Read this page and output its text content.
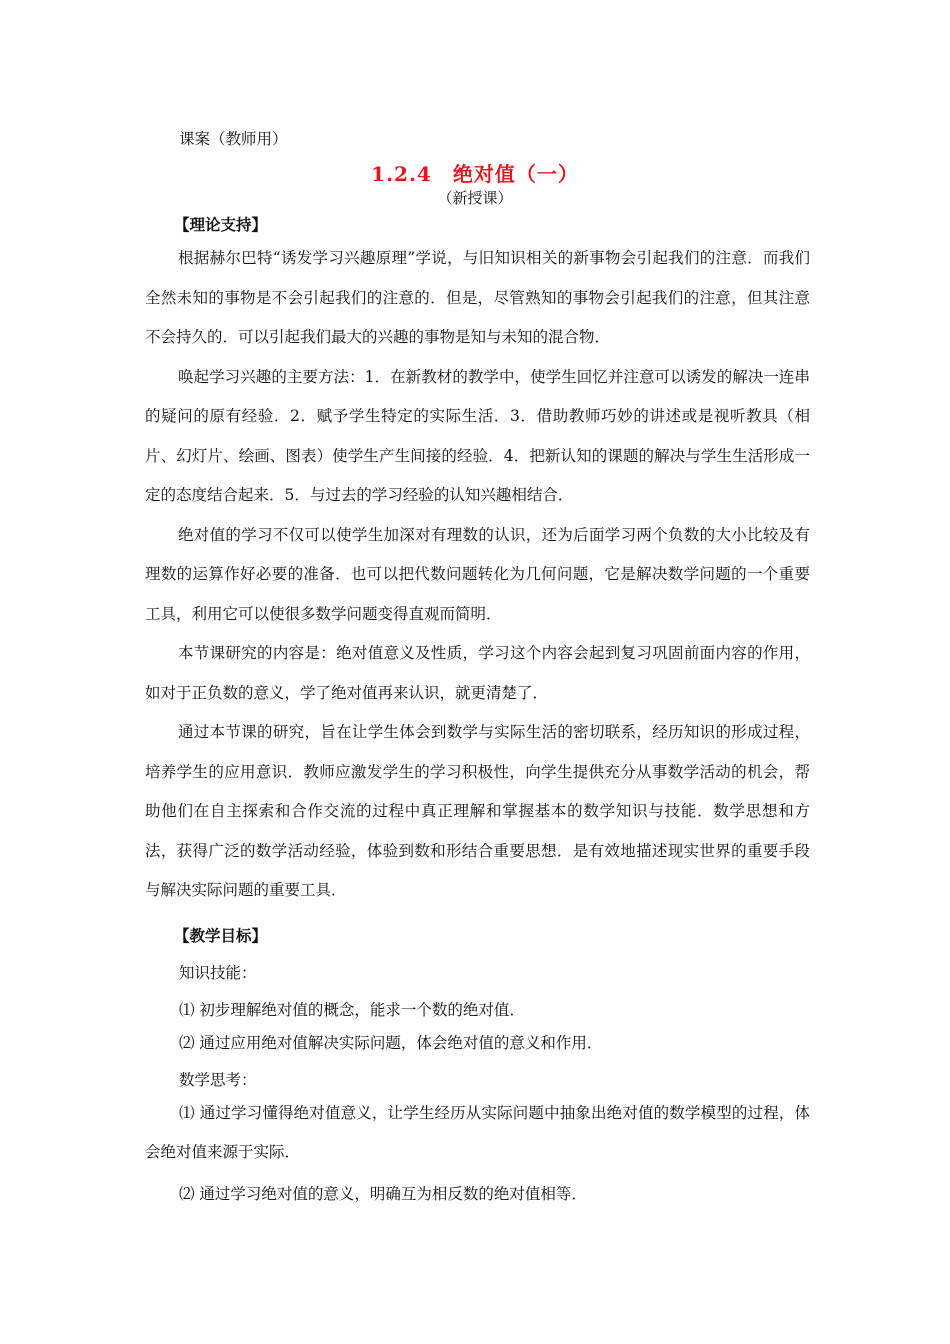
课案（教师用）
1.2.4　绝对值（一）
（新授课）
【理论支持】

根据赫尔巴特“诱发学习兴趣原理”学说，与旧知识相关的新事物会引起我们的注意．而我们全然未知的事物是不会引起我们的注意的．但是，尽管熟知的事物会引起我们的注意，但其注意不会持久的．可以引起我们最大的兴趣的事物是知与未知的混合物．

唤起学习兴趣的主要方法：1．在新教材的教学中，使学生回忆并注意可以诱发的解决一连串的疑问的原有经验．2．赋予学生特定的实际生活．3．借助教师巧妙的讲述或是视听教具（相片、幻灯片、绘画、图表）使学生产生间接的经验．4．把新认知的课题的解决与学生生活形成一定的态度结合起来．5．与过去的学习经验的认知兴趣相结合．

绝对值的学习不仅可以使学生加深对有理数的认识，还为后面学习两个负数的大小比较及有理数的运算作好必要的准备．也可以把代数问题转化为几何问题，它是解决数学问题的一个重要工具，利用它可以使很多数学问题变得直观而简明．

本节课研究的内容是：绝对值意义及性质，学习这个内容会起到复习巩固前面内容的作用，如对于正负数的意义，学了绝对值再来认识，就更清楚了．

通过本节课的研究，旨在让学生体会到数学与实际生活的密切联系，经历知识的形成过程，培养学生的应用意识．教师应激发学生的学习积极性，向学生提供充分从事数学活动的机会，帮助他们在自主探索和合作交流的过程中真正理解和掌握基本的数学知识与技能．数学思想和方法，获得广泛的数学活动经验，体验到数和形结合重要思想．是有效地描述现实世界的重要手段与解决实际问题的重要工具．

【教学目标】
知识技能：
⑴ 初步理解绝对值的概念，能求一个数的绝对值．
⑵ 通过应用绝对值解决实际问题，体会绝对值的意义和作用．
数学思考：

⑴ 通过学习懂得绝对值意义，让学生经历从实际问题中抽象出绝对值的数学模型的过程，体会绝对值来源于实际．

⑵ 通过学习绝对值的意义，明确互为相反数的绝对值相等．
